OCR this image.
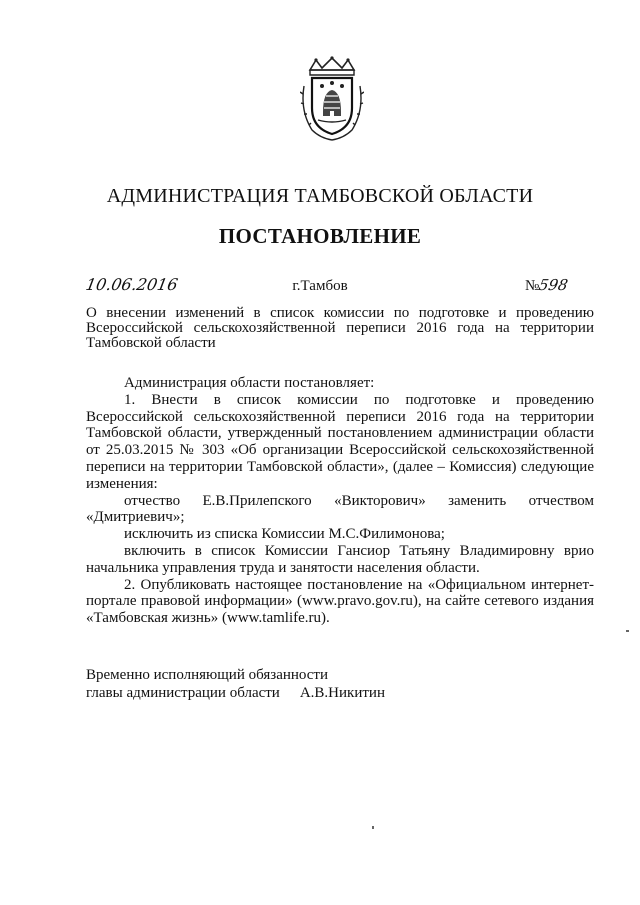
АДМИНИСТРАЦИЯ ТАМБОВСКОЙ ОБЛАСТИ
ПОСТАНОВЛЕНИЕ
10.06.2016	г.Тамбов	№598
О внесении изменений в список комиссии по подготовке и проведению Всероссийской сельскохозяйственной переписи 2016 года на территории Тамбовской области

Администрация области постановляет:

1. Внести в список комиссии по подготовке и проведению Всероссийской сельскохозяйственной переписи 2016 года на территории Тамбовской области, утвержденный постановлением администрации области от 25.03.2015 № 303 «Об организации Всероссийской сельскохозяйственной переписи на территории Тамбовской области», (далее – Комиссия) следующие изменения:

отчество Е.В.Прилепского «Викторович» заменить отчеством «Дмитриевич»;

исключить из списка Комиссии М.С.Филимонова;

включить в список Комиссии Гансиор Татьяну Владимировну врио начальника управления труда и занятости населения области.

2. Опубликовать настоящее постановление на «Официальном интернет-портале правовой информации» (www.pravo.gov.ru), на сайте сетевого издания «Тамбовская жизнь» (www.tamlife.ru).

Временно исполняющий обязанности
главы администрации области А.В.Никитин
